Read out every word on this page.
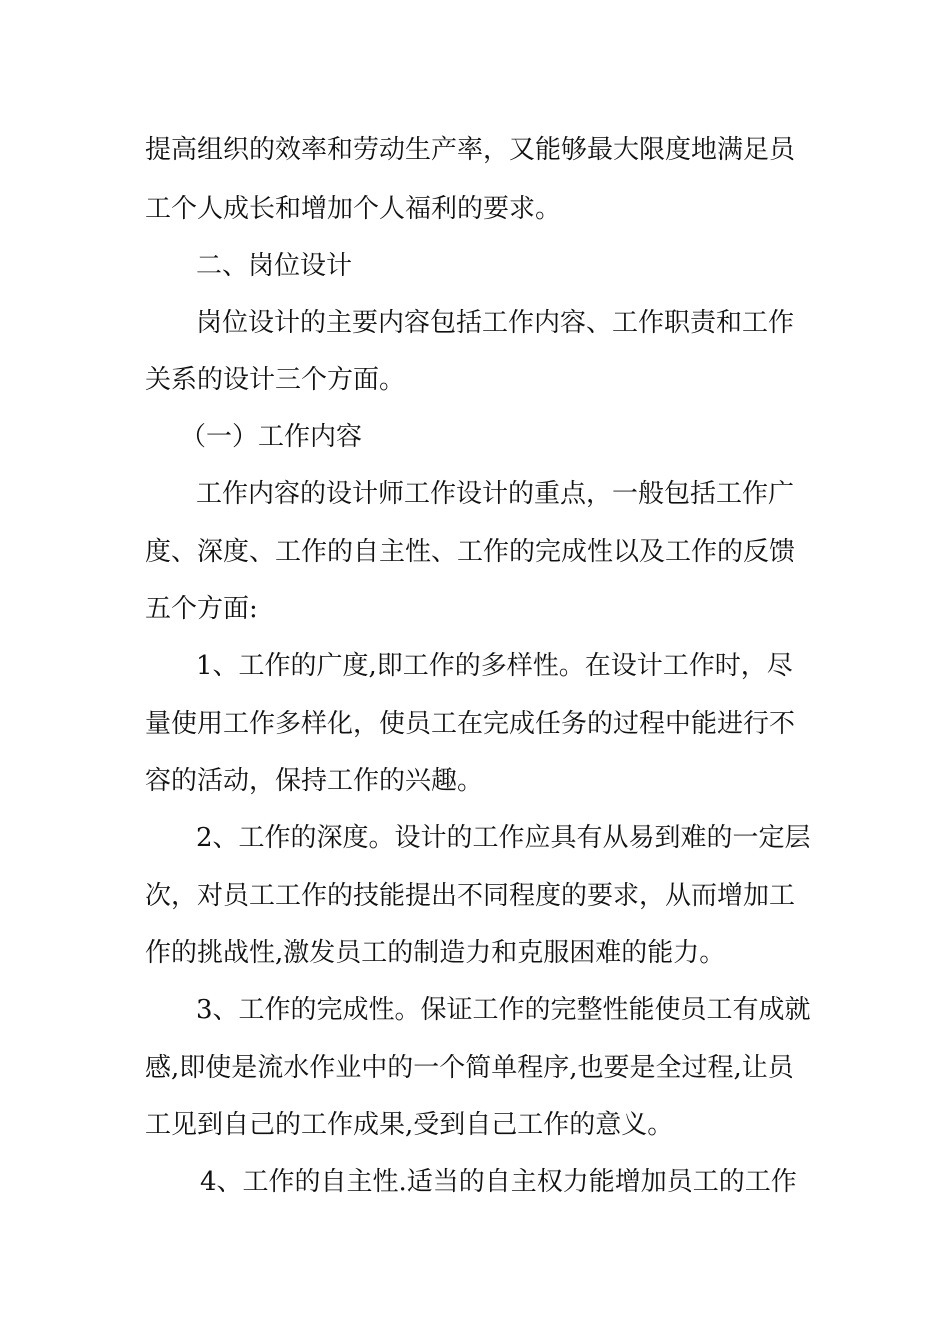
提高组织的效率和劳动生产率，又能够最大限度地满足员
工个人成长和增加个人福利的要求。
二、岗位设计
岗位设计的主要内容包括工作内容、工作职责和工作
关系的设计三个方面。
（一）工作内容
工作内容的设计师工作设计的重点，一般包括工作广
度、深度、工作的自主性、工作的完成性以及工作的反馈
五个方面:
1、工作的广度,即工作的多样性。在设计工作时，尽
量使用工作多样化，使员工在完成任务的过程中能进行不
容的活动，保持工作的兴趣。
2、工作的深度。设计的工作应具有从易到难的一定层
次，对员工工作的技能提出不同程度的要求，从而增加工
作的挑战性,激发员工的制造力和克服困难的能力。
3、工作的完成性。保证工作的完整性能使员工有成就
感,即使是流水作业中的一个简单程序,也要是全过程,让员
工见到自己的工作成果,受到自己工作的意义。
4、工作的自主性.适当的自主权力能增加员工的工作
